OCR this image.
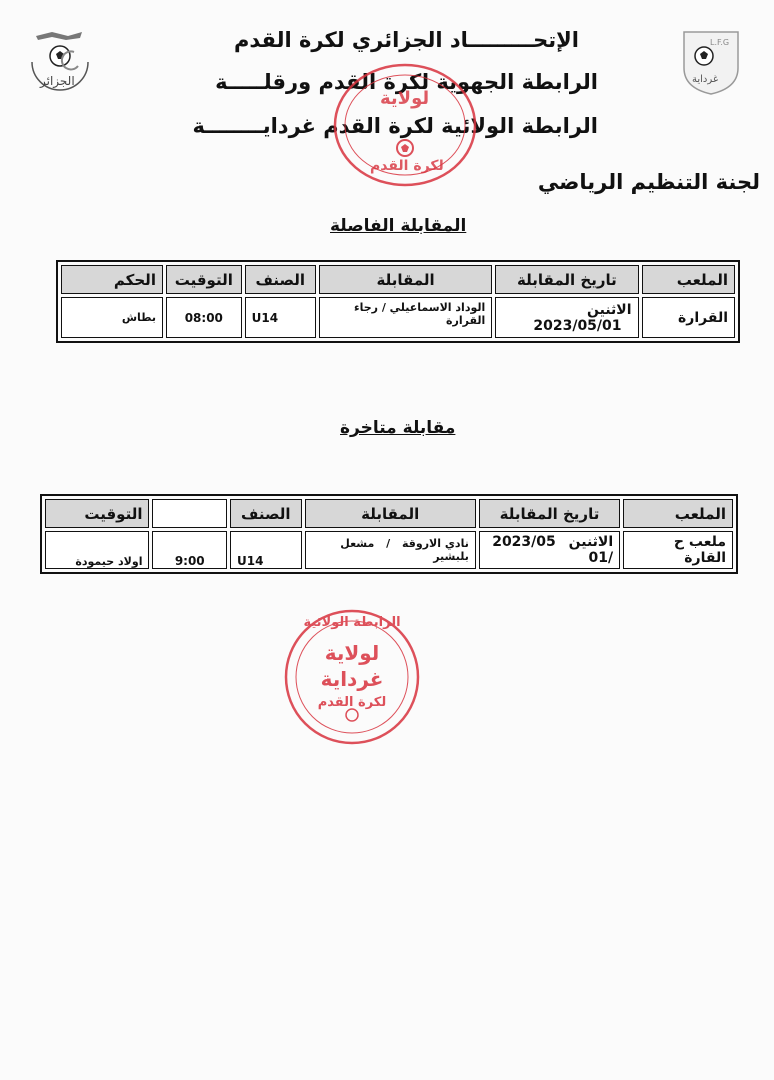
الجزائر
L.F.G
غرداية
الإتحـــــــــاد الجزائري لكرة القدم
الرابطة الجهوية لكرة القدم ورقلـــــة
الرابطة الولائية لكرة القدم غردايــــــــة
لجنة التنظيم الرياضي
لولاية
لكرة القدم
المقابلة الفاصلة
الملعب	تاريخ المقابلة	المقابلة	الصنف	التوقيت	الحكم
القرارة	الاثنين 2023/05/01	الوداد الاسماعيلي / رجاء القرارة	U14	08:00	بطاش
مقابلة متاخرة
الملعب	تاريخ المقابلة	المقابلة	الصنف		التوقيت
ملعب ح القارة	الاثنين 2023/05 /01	نادي الاروقة / مشعل بلبشير	U14	9:00	اولاد حيمودة
الرابطة الولائية
لولاية
غرداية
لكرة القدم
